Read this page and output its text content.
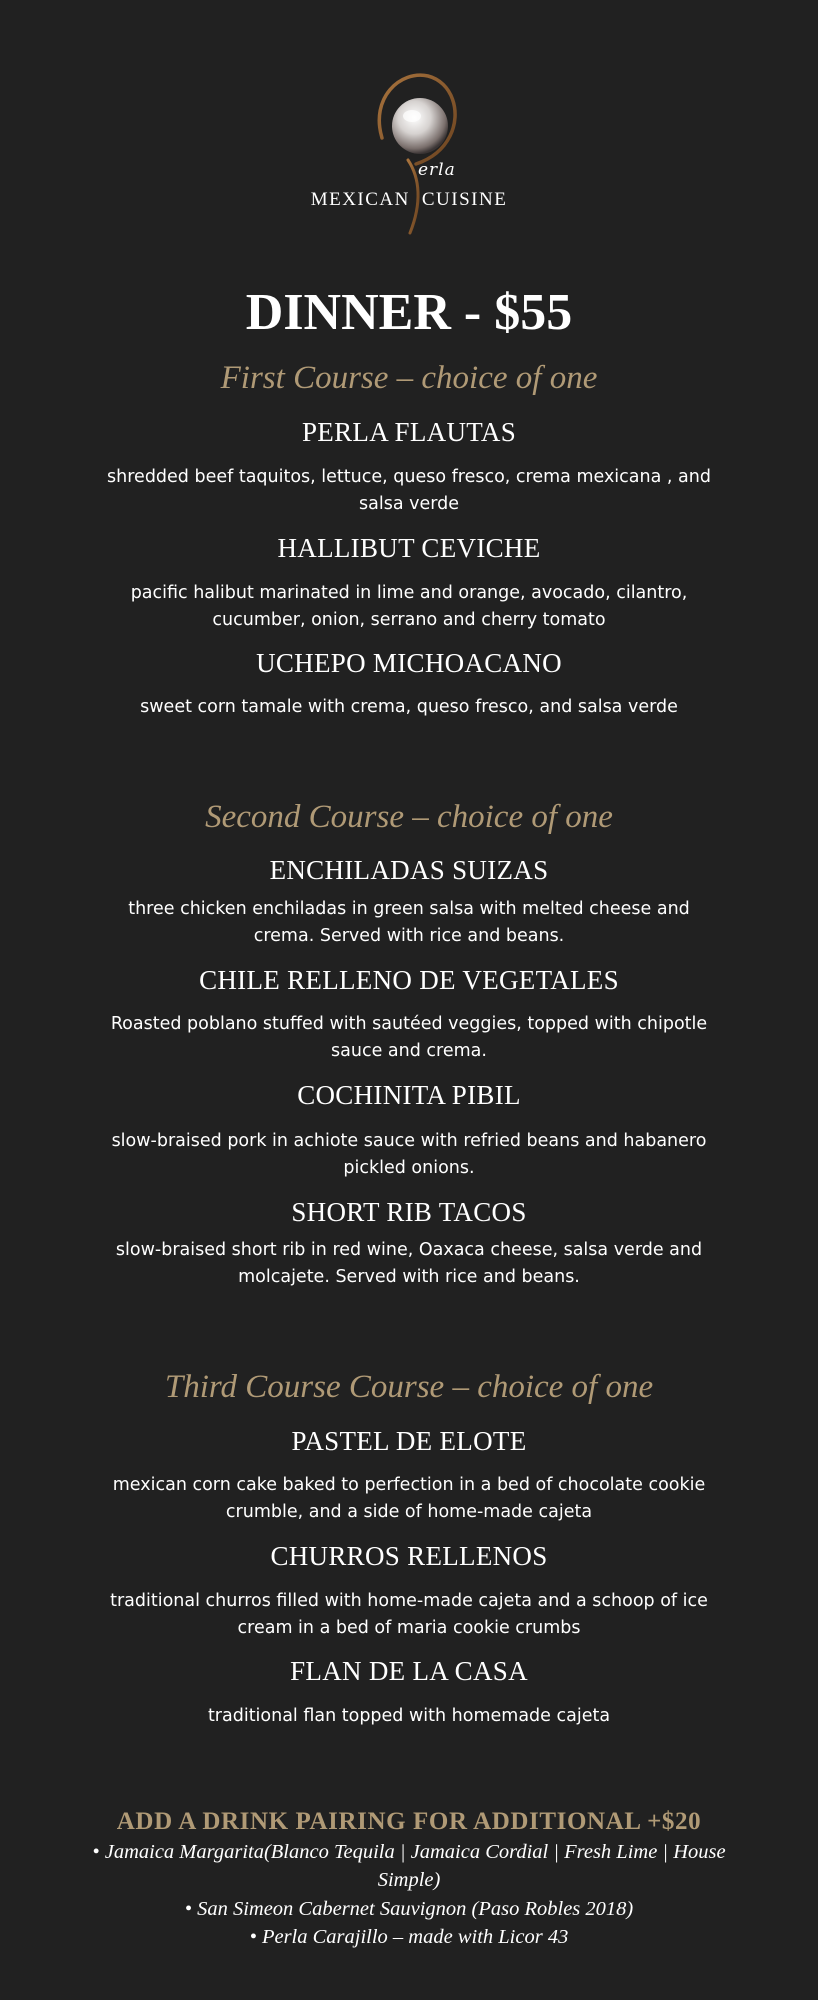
erla
MEXICAN CUISINE
DINNER - $55
First Course – choice of one
PERLA FLAUTAS
shredded beef taquitos, lettuce, queso fresco, crema mexicana , and salsa verde
HALLIBUT CEVICHE
pacific halibut marinated in lime and orange, avocado, cilantro, cucumber, onion, serrano and cherry tomato
UCHEPO MICHOACANO
sweet corn tamale with crema, queso fresco, and salsa verde
Second Course – choice of one
ENCHILADAS SUIZAS
three chicken enchiladas in green salsa with melted cheese and crema. Served with rice and beans.
CHILE RELLENO DE VEGETALES
Roasted poblano stuffed with sautéed veggies, topped with chipotle sauce and crema.
COCHINITA PIBIL
slow-braised pork in achiote sauce with refried beans and habanero pickled onions.
SHORT RIB TACOS
slow-braised short rib in red wine, Oaxaca cheese, salsa verde and molcajete. Served with rice and beans.
Third Course Course – choice of one
PASTEL DE ELOTE
mexican corn cake baked to perfection in a bed of chocolate cookie crumble, and a side of home-made cajeta
CHURROS RELLENOS
traditional churros filled with home-made cajeta and a schoop of ice cream in a bed of maria cookie crumbs
FLAN DE LA CASA
traditional flan topped with homemade cajeta
ADD A DRINK PAIRING FOR ADDITIONAL +$20
• Jamaica Margarita(Blanco Tequila | Jamaica Cordial | Fresh Lime | House Simple)
• San Simeon Cabernet Sauvignon (Paso Robles 2018)
• Perla Carajillo – made with Licor 43
